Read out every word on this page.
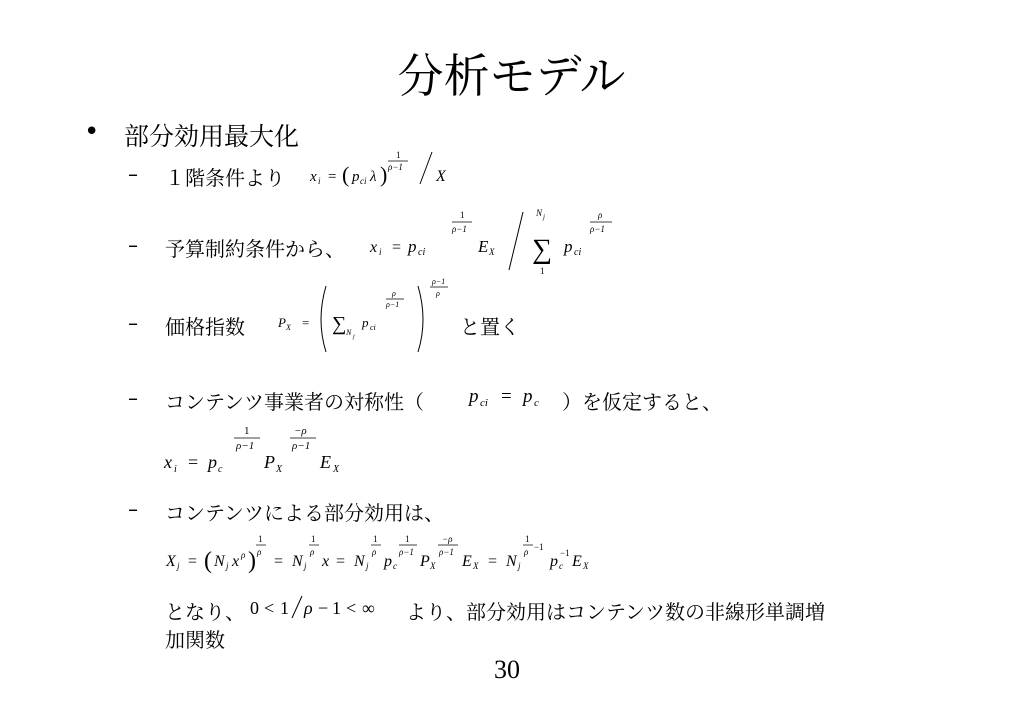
分析モデル
• 部分効用最大化
– １階条件より x i = ( p ci λ )
1
ρ−1
X
– 予算制約条件から、 x i = p ci
1
ρ−1
E X
N j
∑
1
p ci
ρ
ρ−1
– 価格指数	P X = ∑ N j
p ci
ρ
ρ−1
ρ−1
ρ
と置く
– コンテンツ事業者の対称性（ p ci = p c ）を仮定すると、
x i = p c
1
ρ−1
P X
−ρ
ρ−1
E X
– コンテンツによる部分効用は、
X j = ( N j x ρ )
1
ρ
= N j
1
ρ
x = N j
1
ρ
p c
1
ρ−1
P X
−ρ
ρ−1
E X = N j
1
ρ −1
p c
−1 E X
となり、 0 < 1 ρ − 1 < ∞ より、部分効用はコンテンツ数の非線形単調増
加関数
30
